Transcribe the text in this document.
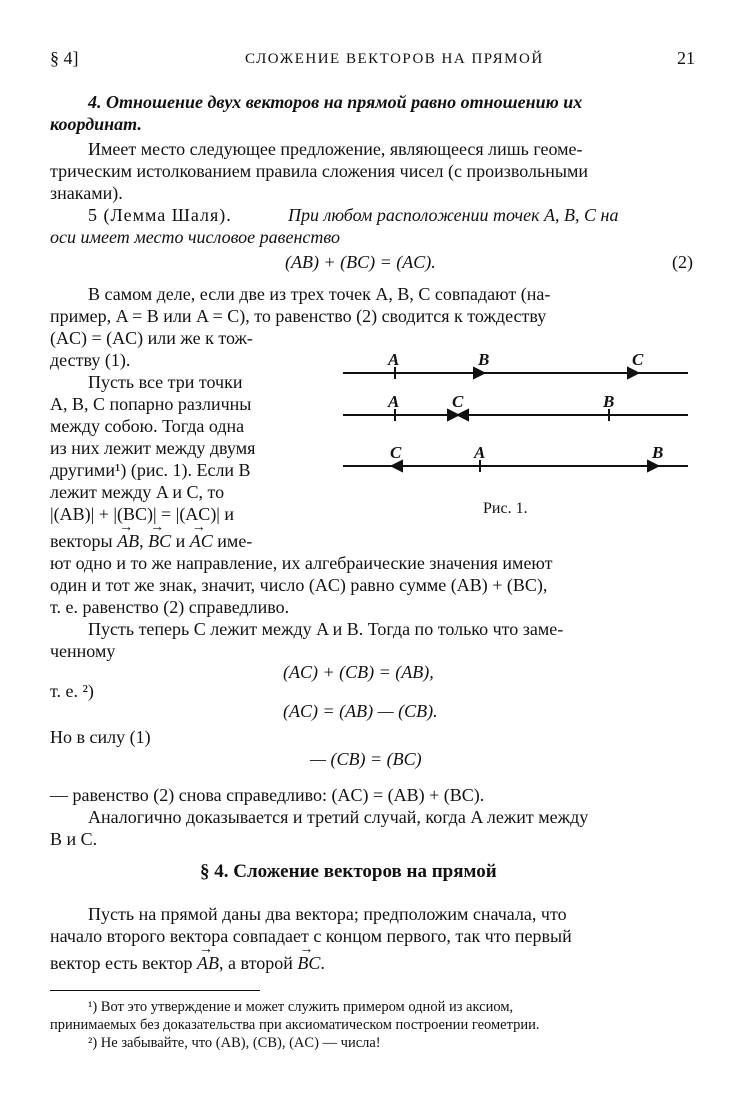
§ 4]	СЛОЖЕНИЕ ВЕКТОРОВ НА ПРЯМОЙ	21
4. Отношение двух векторов на прямой равно отношению их
координат.
Имеет место следующее предложение, являющееся лишь геоме-
трическим истолкованием правила сложения чисел (с произвольными
знаками).
5 (Лемма Шаля).	При любом расположении точек A, B, C на
оси имеет место числовое равенство
(AB) + (BC) = (AC).	(2)
В самом деле, если две из трех точек A, B, C совпадают (на-
пример, A = B или A = C), то равенство (2) сводится к тождеству
(AC) = (AC) или же к тож-
деству (1).
Пусть все три точки
A, B, C попарно различны
между собою. Тогда одна
из них лежит между двумя
другими¹) (рис. 1). Если B
лежит между A и C, то
|(AB)| + |(BC)| = |(AC)| и
векторы → AB, → BC и → AC име-
A	B	C
A	C	B
C	A	B
Рис. 1.
ют одно и то же направление, их алгебраические значения имеют
один и тот же знак, значит, число (AC) равно сумме (AB) + (BC),
т. е. равенство (2) справедливо.
Пусть теперь C лежит между A и B. Тогда по только что заме-
ченному
(AC) + (CB) = (AB),
т. е. ²)
(AC) = (AB) — (CB).
Но в силу (1)
— (CB) = (BC)
— равенство (2) снова справедливо: (AC) = (AB) + (BC).
Аналогично доказывается и третий случай, когда A лежит между
B и C.
§ 4. Сложение векторов на прямой
Пусть на прямой даны два вектора; предположим сначала, что
начало второго вектора совпадает с концом первого, так что первый
вектор есть вектор → AB, а второй → BC.
¹) Вот это утверждение и может служить примером одной из аксиом,
принимаемых без доказательства при аксиоматическом построении геометрии.
²) Не забывайте, что (AB), (CB), (AC) — числа!
